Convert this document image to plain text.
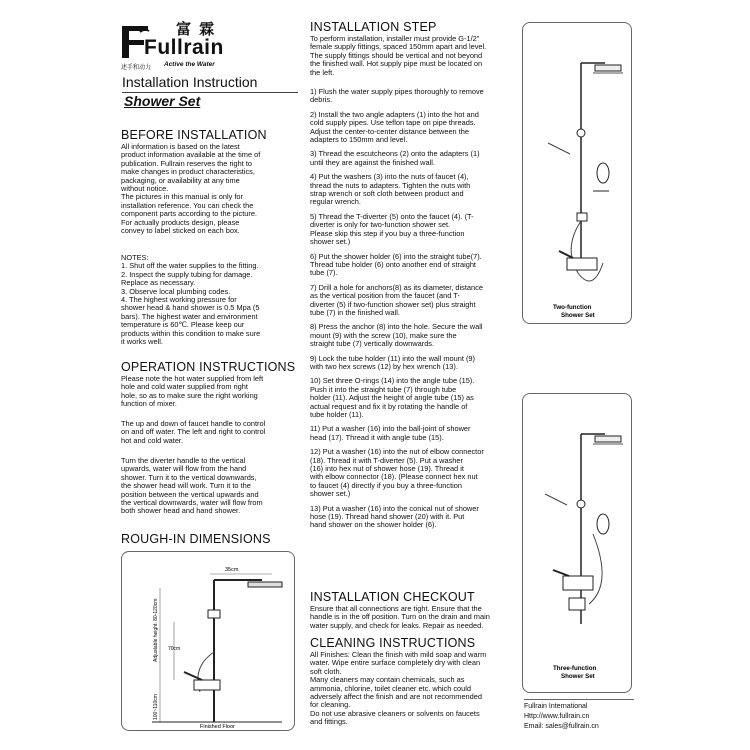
富 霖
Fullrain
述手和动力 Active the Water
Installation Instruction
Shower Set
BEFORE INSTALLATION
All information is based on the latest
product information available at the time of
publication. Fullrain reserves the right to
make changes in product characteristics,
packaging, or availability at any time
without notice.
The pictures in this manual is only for
installation reference. You can check the
component parts according to the picture.
For actually products design, please
convey to label sticked on each box.
NOTES:
1. Shut off the water supplies to the fitting.
2. Inspect the supply tubing for damage.
Replace as necessary.
3. Observe local plumbing codes.
4. The highest working pressure for
shower head & hand shower is 0.5 Mpa (5
bars). The highest water and environment
temperature is 60℃. Please keep our
products within this condition to make sure
it works well.
OPERATION INSTRUCTIONS
Please note the hot water supplied from left
hole and cold water supplied from right
hole, so as to make sure the right working
function of mixer.
The up and down of faucet handle to control
on and off water. The left and right to control
hot and cold water.
Turn the diverter handle to the vertical
upwards, water will flow from the hand
shower. Turn it to the vertical downwards,
the shower head will work. Turn it to the
position between the vertical upwards and
the vertical downwards, water will flow from
both shower head and hand shower.
ROUGH-IN DIMENSIONS
35cm
Adjustable height: 80-120cm 70cm
100~110cm
Finished Floor
INSTALLATION STEP
To perform installation, installer must provide G-1/2"
female supply fittings, spaced 150mm apart and level.
The supply fittings should be vertical and not beyond
the finished wall. Hot supply pipe must be located on
the left.
1) Flush the water supply pipes thoroughly to remove
debris.
2) Install the two angle adapters (1) into the hot and
cold supply pipes. Use teflon tape on pipe threads.
Adjust the center-to-center distance between the
adapters to 150mm and level.
3) Thread the escutcheons (2) onto the adapters (1)
until they are against the finished wall.
4) Put the washers (3) into the nuts of faucet (4),
thread the nuts to adapters. Tighten the nuts with
strap wrench or soft cloth between product and
regular wrench.
5) Thread the T-diverter (5) onto the faucet (4). (T-
diverter is only for two-function shower set.
Please skip this step if you buy a three-function
shower set.)
6) Put the shower holder (6) into the straight tube(7).
Thread tube holder (6) onto another end of straight
tube (7).
7) Drill a hole for anchors(8) as its diameter, distance
as the vertical position from the faucet (and T-
diverter (5) if two-function shower set) plus straight
tube (7) in the finished wall.
8) Press the anchor (8) into the hole. Secure the wall
mount (9) with the screw (10), make sure the
straight tube (7) vertically downwards.
9) Lock the tube holder (11) into the wall mount (9)
with two hex screws (12) by hex wrench (13).
10) Set three O-rings (14) into the angle tube (15).
Push it into the straight tube (7) through tube
holder (11). Adjust the height of angle tube (15) as
actual request and fix it by rotating the handle of
tube holder (11).
11) Put a washer (16) into the ball-joint of shower
head (17). Thread it with angle tube (15).
12) Put a washer (16) into the nut of elbow connector
(18). Thread it with T-diverter (5). Put a washer
(16) into hex nut of shower hose (19). Thread it
with elbow connector (18). (Please connect hex nut
to faucet (4) directly if you buy a three-function
shower set.)
13) Put a washer (16) into the conical nut of shower
hose (19). Thread hand shower (20) with it. Put
hand shower on the shower holder (6).
INSTALLATION CHECKOUT
Ensure that all connections are tight. Ensure that the
handle is in the off position. Turn on the drain and main
water supply, and check for leaks. Repair as needed.
CLEANING INSTRUCTIONS
All Finishes: Clean the finish with mild soap and warm
water. Wipe entire surface completely dry with clean
soft cloth.
Many cleaners may contain chemicals, such as
ammonia, chlorine, toilet cleaner etc. which could
adversely affect the finish and are not recommended
for cleaning.
Do not use abrasive cleaners or solvents on faucets
and fittings.
Two-function
Shower Set
Three-function
Shower Set
Fullrain International
Http://www.fullrain.cn
Email: sales@fullrain.cn
